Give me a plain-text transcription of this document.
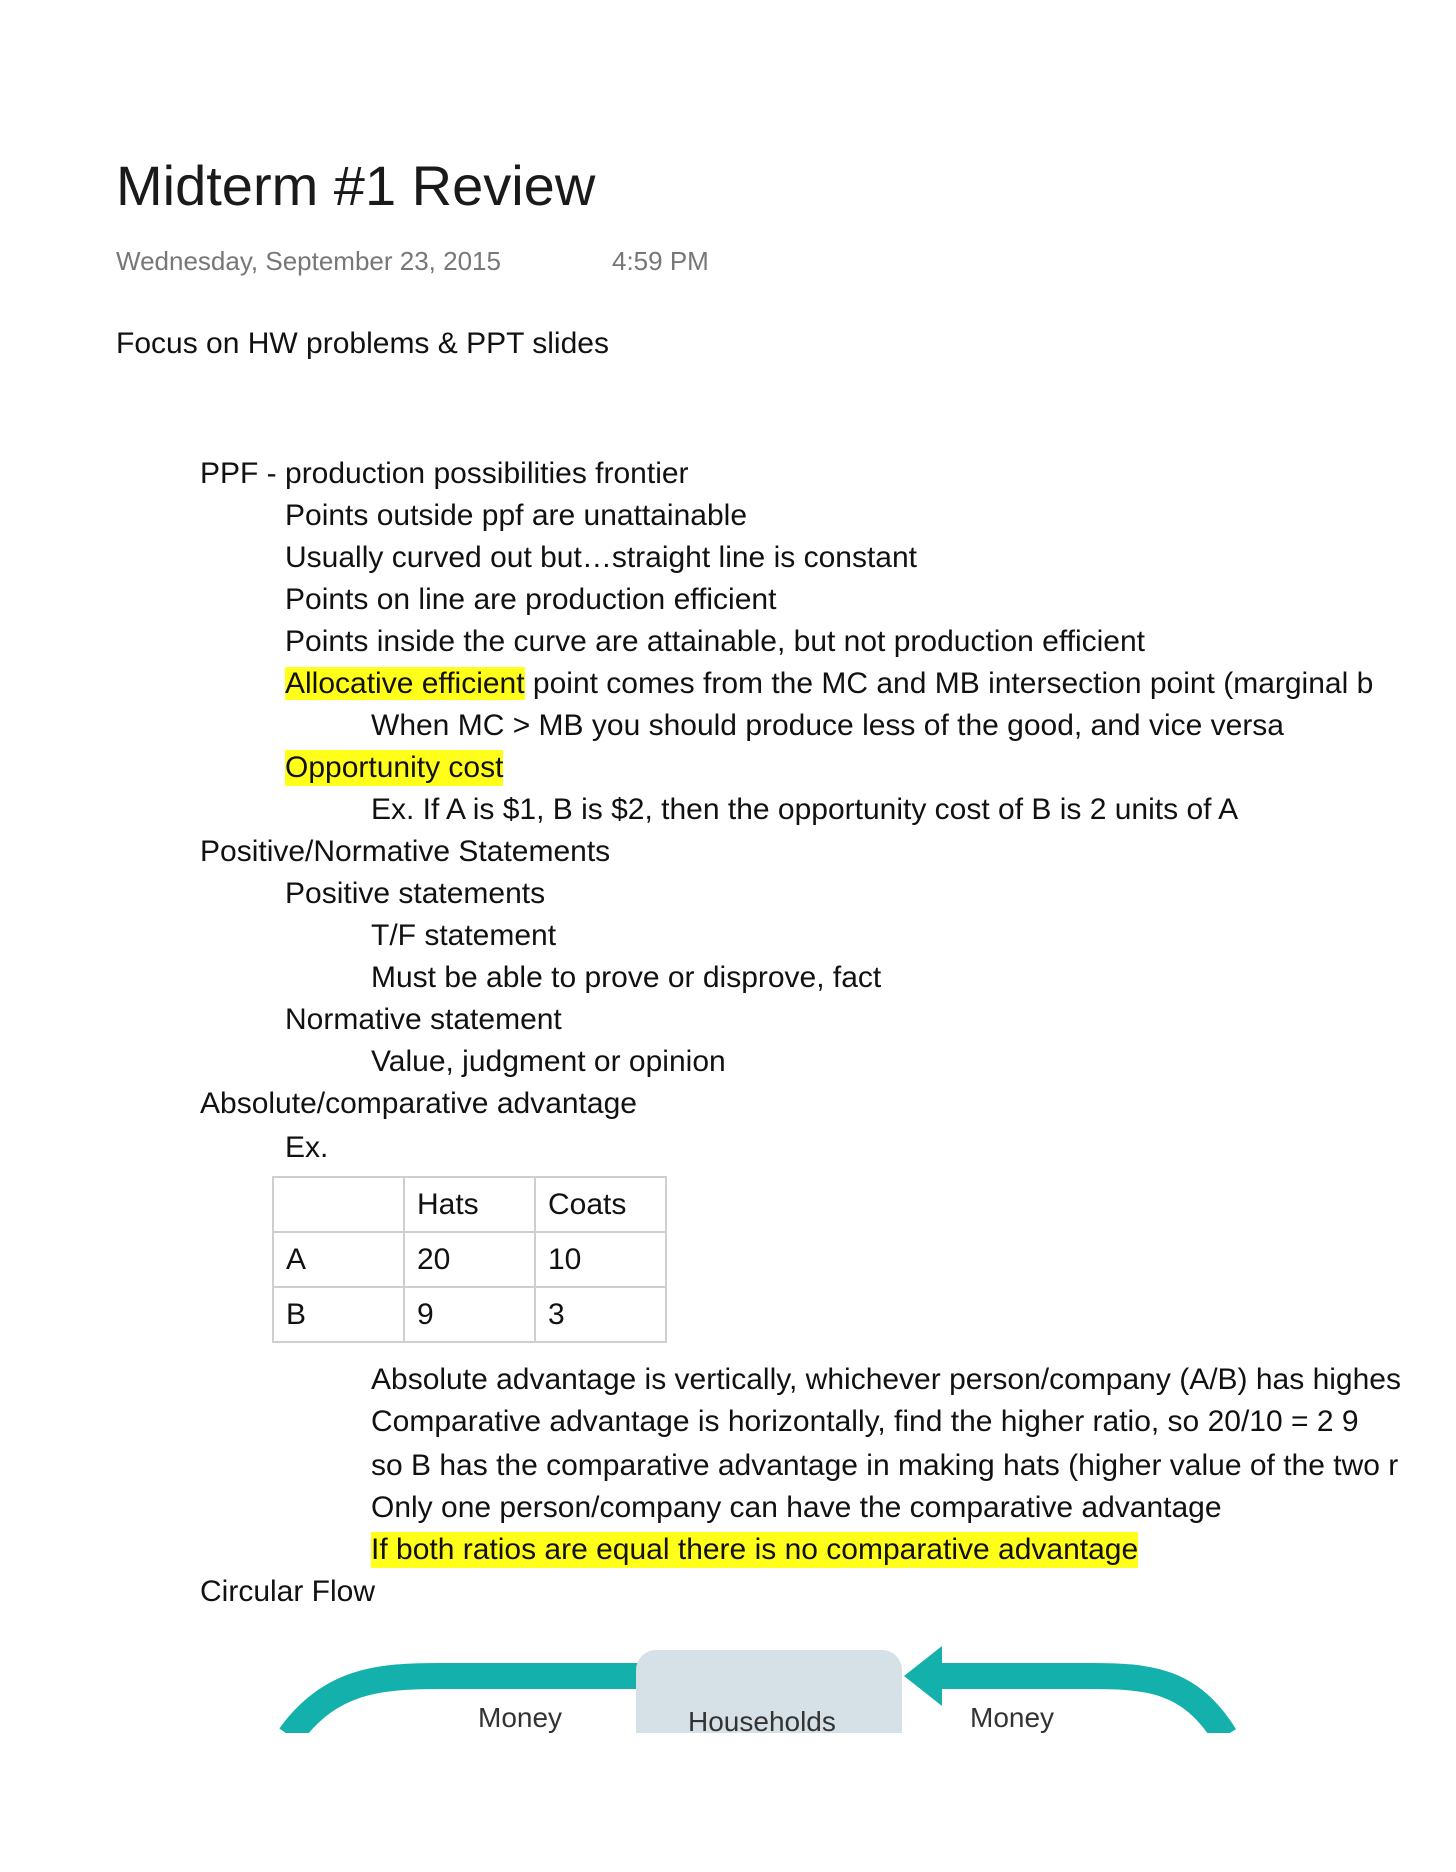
Midterm #1 Review
Wednesday, September 23, 2015	4:59 PM
Focus on HW problems & PPT slides
PPF - production possibilities frontier
Points outside ppf are unattainable
Usually curved out but…straight line is constant
Points on line are production efficient
Points inside the curve are attainable, but not production efficient
Allocative efficient point comes from the MC and MB intersection point (marginal b
When MC > MB you should produce less of the good, and vice versa
Opportunity cost
Ex. If A is $1, B is $2, then the opportunity cost of B is 2 units of A
Positive/Normative Statements
Positive statements
T/F statement
Must be able to prove or disprove, fact
Normative statement
Value, judgment or opinion
Absolute/comparative advantage
Ex.
	Hats	Coats
A	20	10
B	9	3
Absolute advantage is vertically, whichever person/company (A/B) has highes
Comparative advantage is horizontally, find the higher ratio, so 20/10 = 2 9
so B has the comparative advantage in making hats (higher value of the two r
Only one person/company can have the comparative advantage
If both ratios are equal there is no comparative advantage
Circular Flow
Money	Households	Money
